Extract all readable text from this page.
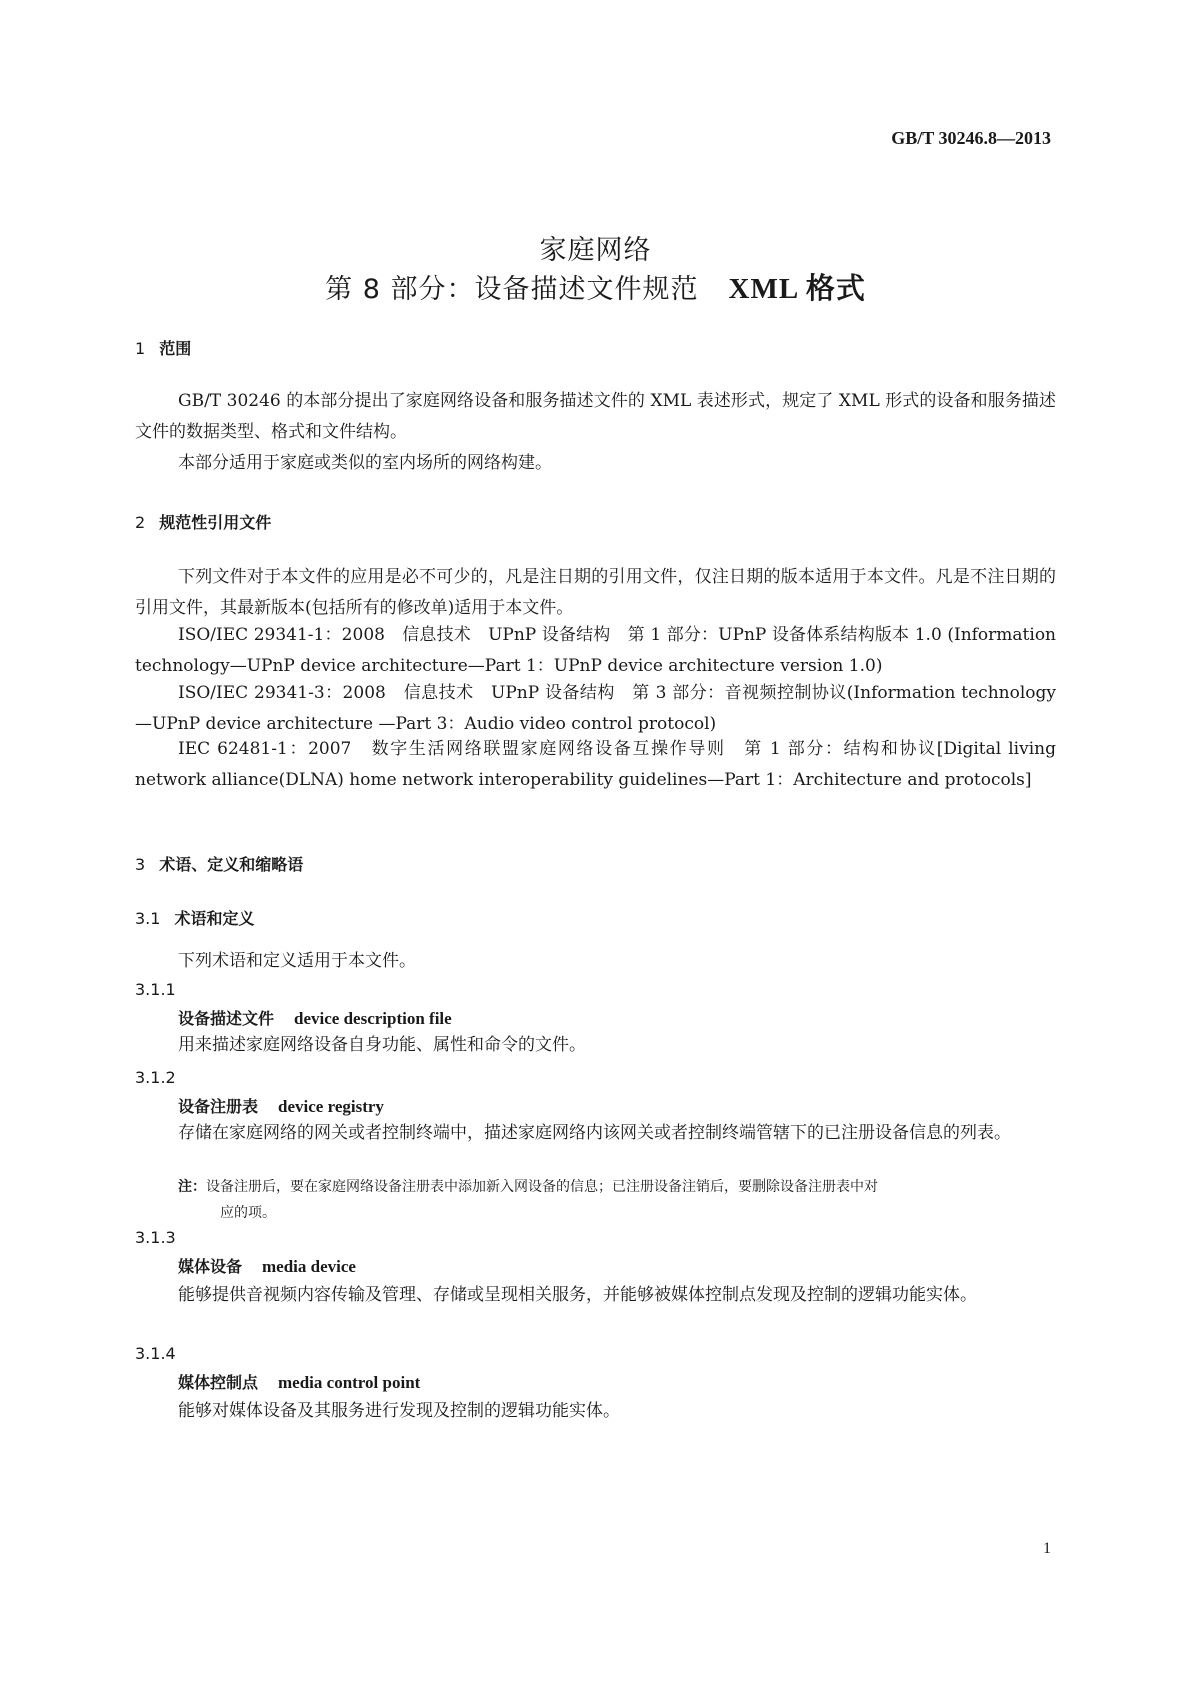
GB/T 30246.8—2013
家庭网络
第 8 部分：设备描述文件规范 XML 格式
1 范围
GB/T 30246 的本部分提出了家庭网络设备和服务描述文件的 XML 表述形式，规定了 XML 形式的设备和服务描述文件的数据类型、格式和文件结构。
本部分适用于家庭或类似的室内场所的网络构建。
2 规范性引用文件
下列文件对于本文件的应用是必不可少的，凡是注日期的引用文件，仅注日期的版本适用于本文件。凡是不注日期的引用文件，其最新版本(包括所有的修改单)适用于本文件。
ISO/IEC 29341-1：2008　信息技术　UPnP 设备结构　第 1 部分：UPnP 设备体系结构版本 1.0 (Information technology—UPnP device architecture—Part 1：UPnP device architecture version 1.0)
ISO/IEC 29341-3：2008　信息技术　UPnP 设备结构　第 3 部分：音视频控制协议(Information technology—UPnP device architecture —Part 3：Audio video control protocol)
IEC 62481-1：2007　数字生活网络联盟家庭网络设备互操作导则　第 1 部分：结构和协议[Digital living network alliance(DLNA) home network interoperability guidelines—Part 1：Architecture and protocols]
3 术语、定义和缩略语
3.1 术语和定义
下列术语和定义适用于本文件。
3.1.1
设备描述文件 device description file
用来描述家庭网络设备自身功能、属性和命令的文件。
3.1.2
设备注册表 device registry
存储在家庭网络的网关或者控制终端中，描述家庭网络内该网关或者控制终端管辖下的已注册设备信息的列表。
注：设备注册后，要在家庭网络设备注册表中添加新入网设备的信息；已注册设备注销后，要删除设备注册表中对
应的项。
3.1.3
媒体设备 media device
能够提供音视频内容传输及管理、存储或呈现相关服务，并能够被媒体控制点发现及控制的逻辑功能实体。
3.1.4
媒体控制点 media control point
能够对媒体设备及其服务进行发现及控制的逻辑功能实体。
1
